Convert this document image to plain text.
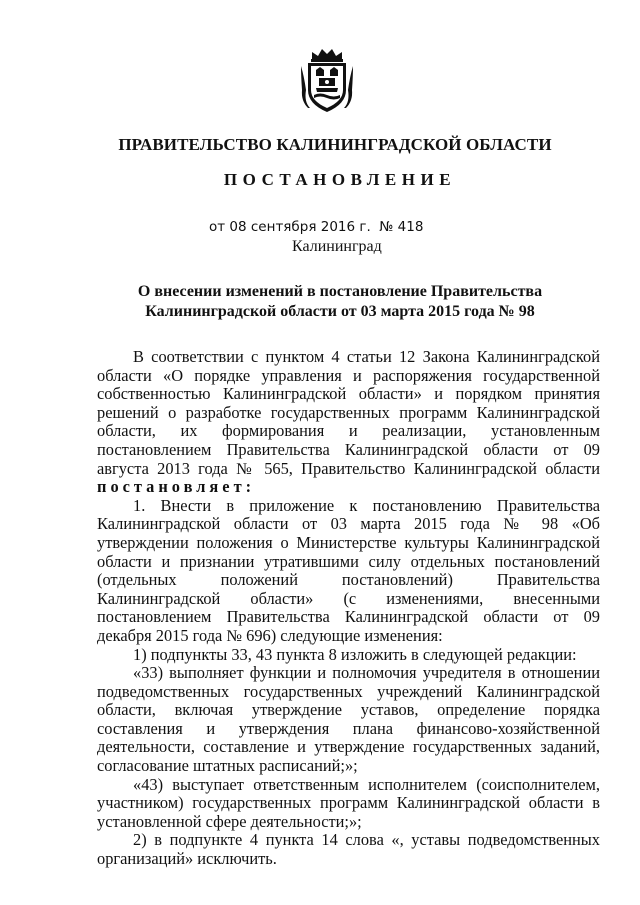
ПРАВИТЕЛЬСТВО КАЛИНИНГРАДСКОЙ ОБЛАСТИ
ПОСТАНОВЛЕНИЕ
от 08 сентября 2016 г.  № 418
Калининград
О внесении изменений в постановление Правительства
Калининградской области от 03 марта 2015 года № 98

В соответствии с пунктом 4 статьи 12 Закона Калининградской области «О порядке управления и распоряжения государственной собственностью Калининградской области» и порядком принятия решений о разработке государственных программ Калининградской области, их формирования и реализации, установленным постановлением Правительства Калининградской области от 09 августа 2013 года № 565, Правительство Калининградской области постановляет:

1. Внести в приложение к постановлению Правительства Калининградской области от 03 марта 2015 года № 98 «Об утверждении положения о Министерстве культуры Калининградской области и признании утратившими силу отдельных постановлений (отдельных положений постановлений) Правительства Калининградской области» (с изменениями, внесенными постановлением Правительства Калининградской области от 09 декабря 2015 года № 696) следующие изменения:

1) подпункты 33, 43 пункта 8 изложить в следующей редакции:

«33) выполняет функции и полномочия учредителя в отношении подведомственных государственных учреждений Калининградской области, включая утверждение уставов, определение порядка составления и утверждения плана финансово-хозяйственной деятельности, составление и утверждение государственных заданий, согласование штатных расписаний;»;

«43) выступает ответственным исполнителем (соисполнителем, участником) государственных программ Калининградской области в установленной сфере деятельности;»;

2) в подпункте 4 пункта 14 слова «, уставы подведомственных организаций» исключить.
